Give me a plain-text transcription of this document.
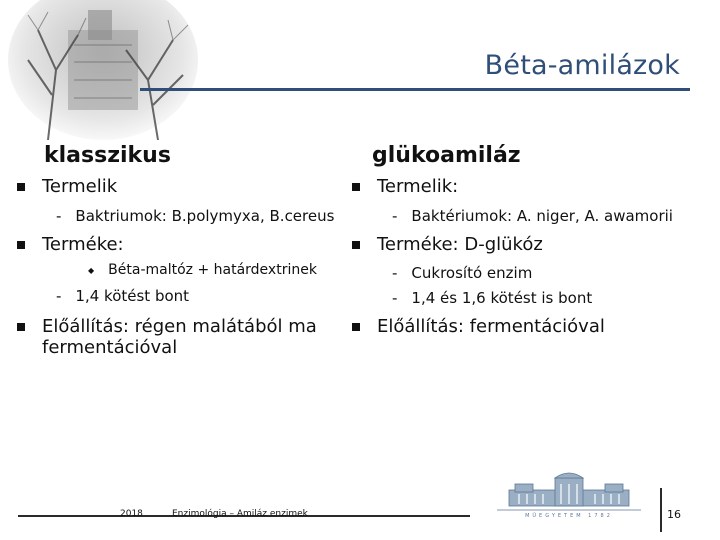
Béta-amilázok
klasszikus	glükoamiláz
Termelik
- Baktriumok: B.polymyxa, B.cereus
Terméke:
◆ Béta-maltóz + határdextrinek
- 1,4 kötést bont
Előállítás: régen malátából ma
fermentációval
Termelik:
- Baktériumok: A. niger, A. awamorii
Terméke: D-glükóz
- Cukrosító enzim
- 1,4 és 1,6 kötést is bont
Előállítás: fermentációval
2018	Enzimológia – Amiláz enzimek	MŰEGYETEM 1782	16
